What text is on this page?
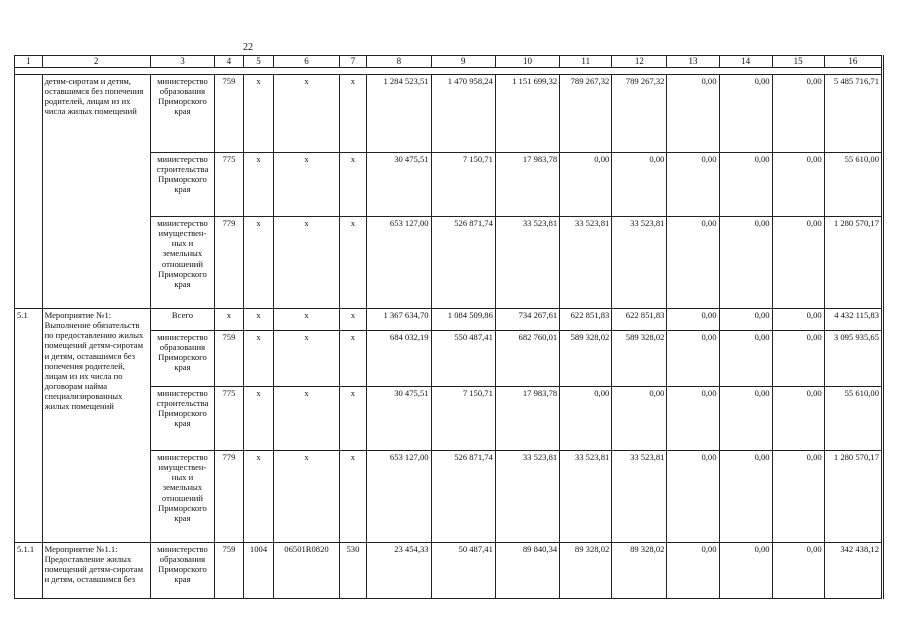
22
1	2	3	4	5	6	7	8	9	10	11	12	13	14	15	16

	детям-сиротам и детям, оставшимся без попечения родителей, лицам из их числа жилых помещений	министерство образования Приморского края	759	х	х	х	1 284 523,51	1 470 958,24	1 151 699,32	789 267,32	789 267,32	0,00	0,00	0,00	5 485 716,71
		министерство строительства Приморского края	775	х	х	х	30 475,51	7 150,71	17 983,78	0,00	0,00	0,00	0,00	0,00	55 610,00
		министерство имуществен- ных и земельных отношений Приморского края	779	х	х	х	653 127,00	526 871,74	33 523,81	33 523,81	33 523,81	0,00	0,00	0,00	1 280 570,17
5.1	Мероприятие №1: Выполнение обязательств по предоставлению жилых помещений детям-сиротам и детям, оставшимся без попечения родителей, лицам из их числа по договорам найма специализированных жилых помещений	Всего	х	х	х	х	1 367 634,70	1 084 509,86	734 267,61	622 851,83	622 851,83	0,00	0,00	0,00	4 432 115,83
		министерство образования Приморского края	759	х	х	х	684 032,19	550 487,41	682 760,01	589 328,02	589 328,02	0,00	0,00	0,00	3 095 935,65
		министерство строительства Приморского края	775	х	х	х	30 475,51	7 150,71	17 983,78	0,00	0,00	0,00	0,00	0,00	55 610,00
		министерство имуществен- ных и земельных отношений Приморского края	779	х	х	х	653 127,00	526 871,74	33 523,81	33 523,81	33 523,81	0,00	0,00	0,00	1 280 570,17
5.1.1	Мероприятие №1.1: Предоставление жилых помещений детям-сиротам и детям, оставшимся без	министерство образования Приморского края	759	1004	06501R0820	530	23 454,33	50 487,41	89 840,34	89 328,02	89 328,02	0,00	0,00	0,00	342 438,12
